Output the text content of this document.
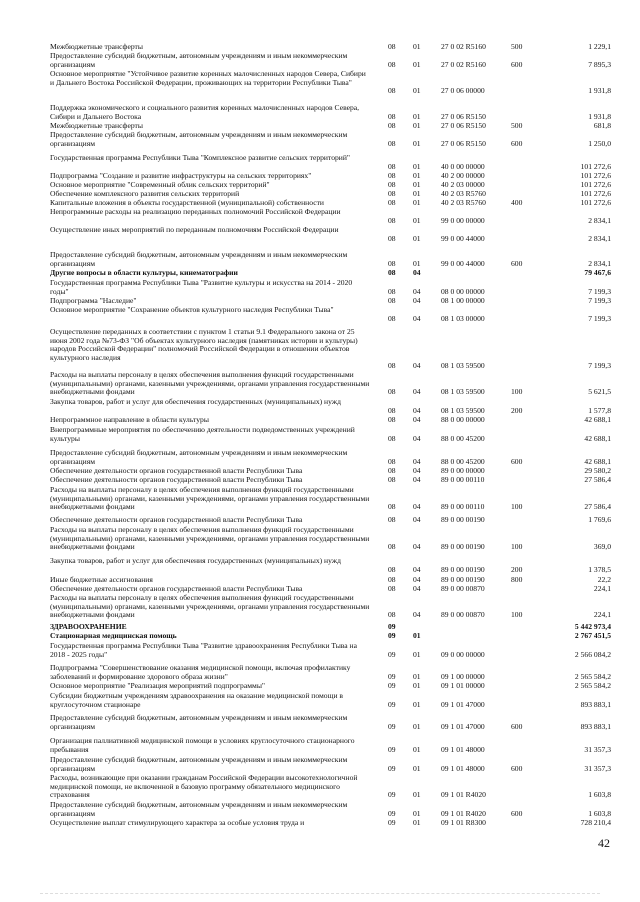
Межбюджетные трансферты	08	01	27 0 02 R5160	500	1 229,1
Предоставление субсидий бюджетным, автономным учреждениям и иным некоммерческим организациям	08	01	27 0 02 R5160	600	7 895,3
Основное мероприятие "Устойчивое развитие коренных малочисленных народов Севера, Сибири и Дальнего Востока Российской Федерации, проживающих на территории Республики Тыва"
08	01	27 0 06 00000	1 931,8
Поддержка экономического и социального развития коренных малочисленных народов Севера, Сибири и Дальнего Востока	08	01	27 0 06 R5150	1 931,8
Межбюджетные трансферты	08	01	27 0 06 R5150	500	681,8
Предоставление субсидий бюджетным, автономным учреждениям и иным некоммерческим организациям	08	01	27 0 06 R5150	600	1 250,0
Государственная программа Республики Тыва "Комплексное развитие сельских территорий"
08	01	40 0 00 00000	101 272,6
Подпрограмма "Создание и развитие инфраструктуры на сельских территориях"	08	01	40 2 00 00000	101 272,6
Основное мероприятие "Современный облик сельских территорий"	08	01	40 2 03 00000	101 272,6
Обеспечение комплексного развития сельских территорий	08	01	40 2 03 R5760	101 272,6
Капитальные вложения в объекты государственной (муниципальной) собственности	08	01	40 2 03 R5760	400	101 272,6
Непрограммные расходы на реализацию переданных полномочий Российской Федерации
08	01	99 0 00 00000	2 834,1
Осуществление иных мероприятий по переданным полномочиям Российской Федерации
08	01	99 0 00 44000	2 834,1
Предоставление субсидий бюджетным, автономным учреждениям и иным некоммерческим организациям	08	01	99 0 00 44000	600	2 834,1
Другие вопросы в области культуры, кинематографии	08	04	79 467,6
Государственная программа Республики Тыва "Развитие культуры и искусства на 2014 - 2020 годы"	08	04	08 0 00 00000	7 199,3
Подпрограмма "Наследие"	08	04	08 1 00 00000	7 199,3
Основное мероприятие "Сохранение объектов культурного наследия Республики Тыва"
08	04	08 1 03 00000	7 199,3
Осуществление переданных в соответствии с пунктом 1 статьи 9.1 Федерального закона от 25 июня 2002 года №73-ФЗ "Об объектах культурного наследия (памятниках истории и культуры) народов Российской Федерации" полномочий Российской Федерации в отношении объектов культурного наследия
08	04	08 1 03 59500	7 199,3
Расходы на выплаты персоналу в целях обеспечения выполнения функций государственными (муниципальными) органами, казенными учреждениями, органами управления государственными внебюджетными фондами	08	04	08 1 03 59500	100	5 621,5
Закупка товаров, работ и услуг для обеспечения государственных (муниципальных) нужд
08	04	08 1 03 59500	200	1 577,8
Непрограммное направление в области культуры	08	04	88 0 00 00000	42 688,1
Внепрограммные мероприятия по обеспечению деятельности подведомственных учреждений культуры	08	04	88 0 00 45200	42 688,1
Предоставление субсидий бюджетным, автономным учреждениям и иным некоммерческим организациям	08	04	88 0 00 45200	600	42 688,1
Обеспечение деятельности органов государственной власти Республики Тыва	08	04	89 0 00 00000	29 580,2
Обеспечение деятельности органов государственной власти Республики Тыва	08	04	89 0 00 00110	27 586,4
Расходы на выплаты персоналу в целях обеспечения выполнения функций государственными (муниципальными) органами, казенными учреждениями, органами управления государственными внебюджетными фондами	08	04	89 0 00 00110	100	27 586,4
Обеспечение деятельности органов государственной власти Республики Тыва	08	04	89 0 00 00190	1 769,6
Расходы на выплаты персоналу в целях обеспечения выполнения функций государственными (муниципальными) органами, казенными учреждениями, органами управления государственными внебюджетными фондами	08	04	89 0 00 00190	100	369,0
Закупка товаров, работ и услуг для обеспечения государственных (муниципальных) нужд
08	04	89 0 00 00190	200	1 378,5
Иные бюджетные ассигнования	08	04	89 0 00 00190	800	22,2
Обеспечение деятельности органов государственной власти Республики Тыва	08	04	89 0 00 00870	224,1
Расходы на выплаты персоналу в целях обеспечения выполнения функций государственными (муниципальными) органами, казенными учреждениями, органами управления государственными внебюджетными фондами	08	04	89 0 00 00870	100	224,1
ЗДРАВООХРАНЕНИЕ	09	5 442 973,4
Стационарная медицинская помощь	09	01	2 767 451,5
Государственная программа Республики Тыва "Развитие здравоохранения Республики Тыва на 2018 - 2025 годы"	09	01	09 0 00 00000	2 566 084,2
Подпрограмма "Совершенствование оказания медицинской помощи, включая профилактику заболеваний и формирование здорового образа жизни"	09	01	09 1 00 00000	2 565 584,2
Основное мероприятие "Реализация мероприятий подпрограммы"	09	01	09 1 01 00000	2 565 584,2
Субсидии бюджетным учреждениям здравоохранения на оказание медицинской помощи в круглосуточном стационаре	09	01	09 1 01 47000	893 883,1
Предоставление субсидий бюджетным, автономным учреждениям и иным некоммерческим организациям	09	01	09 1 01 47000	600	893 883,1
Организация паллиативной медицинской помощи в условиях круглосуточного стационарного пребывания	09	01	09 1 01 48000	31 357,3
Предоставление субсидий бюджетным, автономным учреждениям и иным некоммерческим организациям	09	01	09 1 01 48000	600	31 357,3
Расходы, возникающие при оказании гражданам Российской Федерации высокотехнологичной медицинской помощи, не включенной в базовую программу обязательного медицинского страхования	09	01	09 1 01 R4020	1 603,8
Предоставление субсидий бюджетным, автономным учреждениям и иным некоммерческим организациям	09	01	09 1 01 R4020	600	1 603,8
Осуществление выплат стимулирующего характера за особые условия труда и	09	01	09 1 01 R8300	728 210,4
42
